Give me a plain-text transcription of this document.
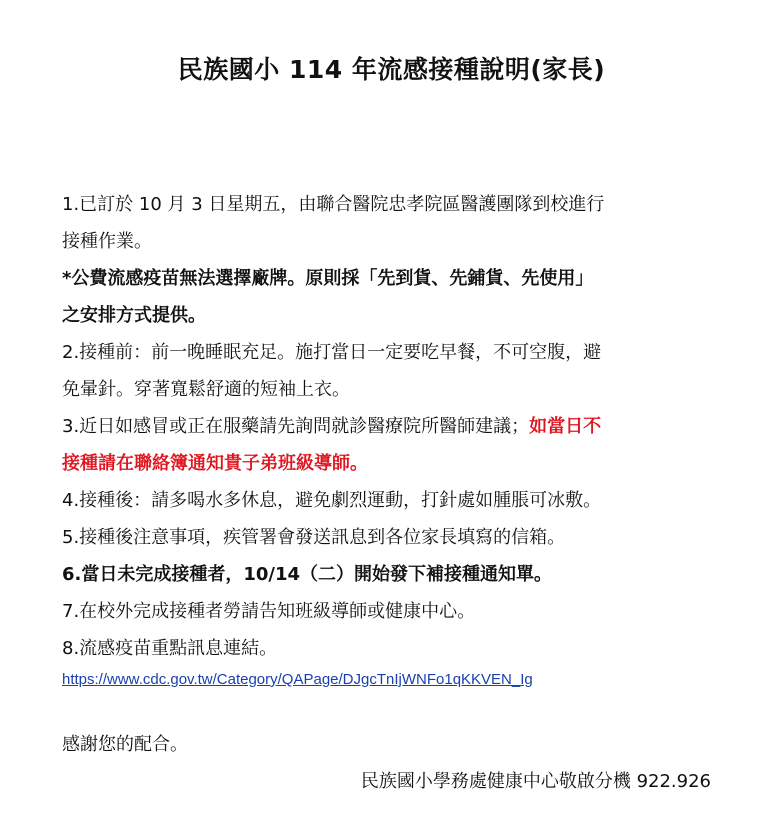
民族國小 114 年流感接種說明(家長)
1.已訂於 10 月 3 日星期五，由聯合醫院忠孝院區醫護團隊到校進行
接種作業。
*公費流感疫苗無法選擇廠牌。原則採「先到貨、先鋪貨、先使用」
之安排方式提供。
2.接種前：前一晚睡眠充足。施打當日一定要吃早餐，不可空腹，避
免暈針。穿著寬鬆舒適的短袖上衣。
3.近日如感冒或正在服藥請先詢問就診醫療院所醫師建議；如當日不
接種請在聯絡簿通知貴子弟班級導師。
4.接種後：請多喝水多休息，避免劇烈運動，打針處如腫脹可冰敷。
5.接種後注意事項，疾管署會發送訊息到各位家長填寫的信箱。
6.當日未完成接種者，10/14（二）開始發下補接種通知單。
7.在校外完成接種者勞請告知班級導師或健康中心。
8.流感疫苗重點訊息連結。
https://www.cdc.gov.tw/Category/QAPage/DJgcTnIjWNFo1qKKVEN_Ig
感謝您的配合。
民族國小學務處健康中心敬啟分機 922.926
